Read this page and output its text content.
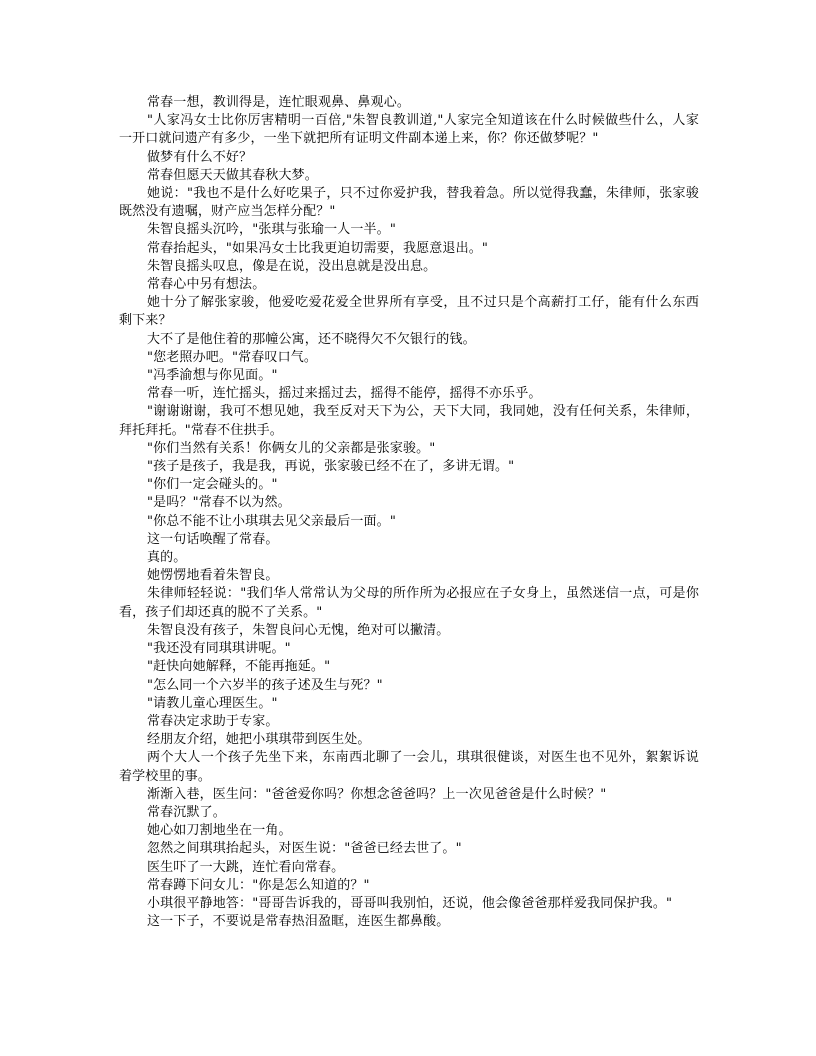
常春一想，教训得是，连忙眼观鼻、鼻观心。

"人家冯女士比你厉害精明一百倍,"朱智良教训道,"人家完全知道该在什么时候做些什么，人家一开口就问遗产有多少，一坐下就把所有证明文件副本递上来，你？你还做梦呢？"

做梦有什么不好？

常春但愿天天做其春秋大梦。

她说："我也不是什么好吃果子，只不过你爱护我，替我着急。所以觉得我蠢，朱律师，张家骏既然没有遗嘱，财产应当怎样分配？"

朱智良摇头沉吟，"张琪与张瑜一人一半。"

常春抬起头，"如果冯女士比我更迫切需要，我愿意退出。"

朱智良摇头叹息，像是在说，没出息就是没出息。

常春心中另有想法。

她十分了解张家骏，他爱吃爱花爱全世界所有享受，且不过只是个高薪打工仔，能有什么东西剩下来？

大不了是他住着的那幢公寓，还不晓得欠不欠银行的钱。

"您老照办吧。"常春叹口气。

"冯季渝想与你见面。"

常春一听，连忙摇头，摇过来摇过去，摇得不能停，摇得不亦乐乎。

"谢谢谢谢，我可不想见她，我至反对天下为公，天下大同，我同她，没有任何关系，朱律师，拜托拜托。"常春不住拱手。

"你们当然有关系！你俩女儿的父亲都是张家骏。"

"孩子是孩子，我是我，再说，张家骏已经不在了，多讲无谓。"

"你们一定会碰头的。"

"是吗？"常春不以为然。

"你总不能不让小琪琪去见父亲最后一面。"

这一句话唤醒了常春。

真的。

她愣愣地看着朱智良。

朱律师轻轻说："我们华人常常认为父母的所作所为必报应在子女身上，虽然迷信一点，可是你看，孩子们却还真的脱不了关系。"

朱智良没有孩子，朱智良问心无愧，绝对可以撇清。

"我还没有同琪琪讲呢。"

"赶快向她解释，不能再拖延。"

"怎么同一个六岁半的孩子述及生与死？"

"请教儿童心理医生。"

常春决定求助于专家。

经朋友介绍，她把小琪琪带到医生处。

两个大人一个孩子先坐下来，东南西北聊了一会儿，琪琪很健谈，对医生也不见外，絮絮诉说着学校里的事。

渐渐入巷，医生问："爸爸爱你吗？你想念爸爸吗？上一次见爸爸是什么时候？"

常春沉默了。

她心如刀割地坐在一角。

忽然之间琪琪抬起头，对医生说："爸爸已经去世了。"

医生吓了一大跳，连忙看向常春。

常春蹲下问女儿："你是怎么知道的？"

小琪很平静地答："哥哥告诉我的，哥哥叫我别怕，还说，他会像爸爸那样爱我同保护我。"

这一下子，不要说是常春热泪盈眶，连医生都鼻酸。
